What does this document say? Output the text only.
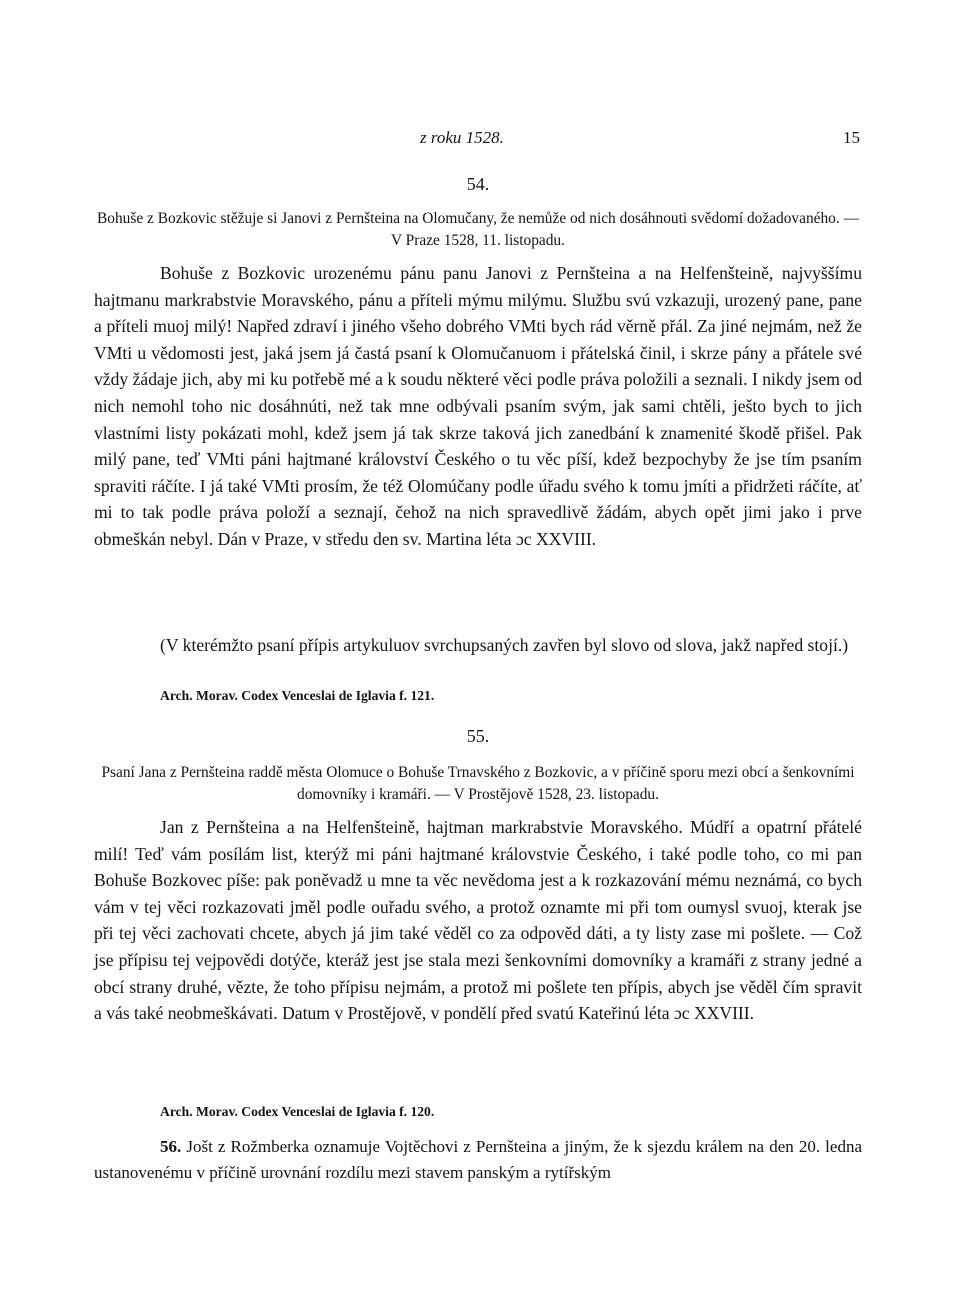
z roku 1528.	15
54.
Bohuše z Bozkovic stěžuje si Janovi z Pernšteina na Olomučany, že nemůže od nich dosáhnouti svědomí dožadovaného. — V Praze 1528, 11. listopadu.

Bohuše z Bozkovic urozenému pánu panu Janovi z Pernšteina a na Helfenšteině, najvyššímu hajtmanu markrabstvie Moravského, pánu a příteli mýmu milýmu. Službu svú vzkazuji, urozený pane, pane a příteli muoj milý! Napřed zdraví i jiného všeho dobrého VMti bych rád věrně přál. Za jiné nejmám, než že VMti u vědomosti jest, jaká jsem já častá psaní k Olomučanuom i přátelská činil, i skrze pány a přátele své vždy žádaje jich, aby mi ku potřebě mé a k soudu některé věci podle práva položili a seznali. I nikdy jsem od nich nemohl toho nic dosáhnúti, než tak mne odbývali psaním svým, jak sami chtěli, ješto bych to jich vlastními listy pokázati mohl, kdež jsem já tak skrze taková jich zanedbání k znamenité škodě přišel. Pak milý pane, teď VMti páni hajtmané království Českého o tu věc píší, kdež bezpochyby že jse tím psaním spraviti ráčíte. I já také VMti prosím, že též Olomúčany podle úřadu svého k tomu jmíti a přidržeti ráčíte, ať mi to tak podle práva položí a seznají, čehož na nich spravedlivě žádám, abych opět jimi jako i prve obmeškán nebyl. Dán v Praze, v středu den sv. Martina léta ɔc XXVIII.

(V kterémžto psaní přípis artykuluov svrchupsaných zavřen byl slovo od slova, jakž napřed stojí.)

Arch. Morav. Codex Venceslai de Iglavia f. 121.
55.
Psaní Jana z Pernšteina raddě města Olomuce o Bohuše Trnavského z Bozkovic, a v příčině sporu mezi obcí a šenkovními domovníky i kramáři. — V Prostějově 1528, 23. listopadu.

Jan z Pernšteina a na Helfenšteině, hajtman markrabstvie Moravského. Múdří a opatrní přátelé milí! Teď vám posílám list, kterýž mi páni hajtmané královstvie Českého, i také podle toho, co mi pan Bohuše Bozkovec píše: pak poněvadž u mne ta věc nevědoma jest a k rozkazování mému neznámá, co bych vám v tej věci rozkazovati jměl podle ouřadu svého, a protož oznamte mi při tom oumysl svuoj, kterak jse při tej věci zachovati chcete, abych já jim také věděl co za odpověd dáti, a ty listy zase mi pošlete. — Což jse přípisu tej vejpovědi dotýče, kteráž jest jse stala mezi šenkovními domovníky a kramáři z strany jedné a obcí strany druhé, vězte, že toho přípisu nejmám, a protož mi pošlete ten přípis, abych jse věděl čím spravit a vás také neobmeškávati. Datum v Prostějově, v pondělí před svatú Kateřinú léta ɔc XXVIII.

Arch. Morav. Codex Venceslai de Iglavia f. 120.

56. Jošt z Rožmberka oznamuje Vojtěchovi z Pernšteina a jiným, že k sjezdu králem na den 20. ledna ustanovenému v příčině urovnání rozdílu mezi stavem panským a rytířským
